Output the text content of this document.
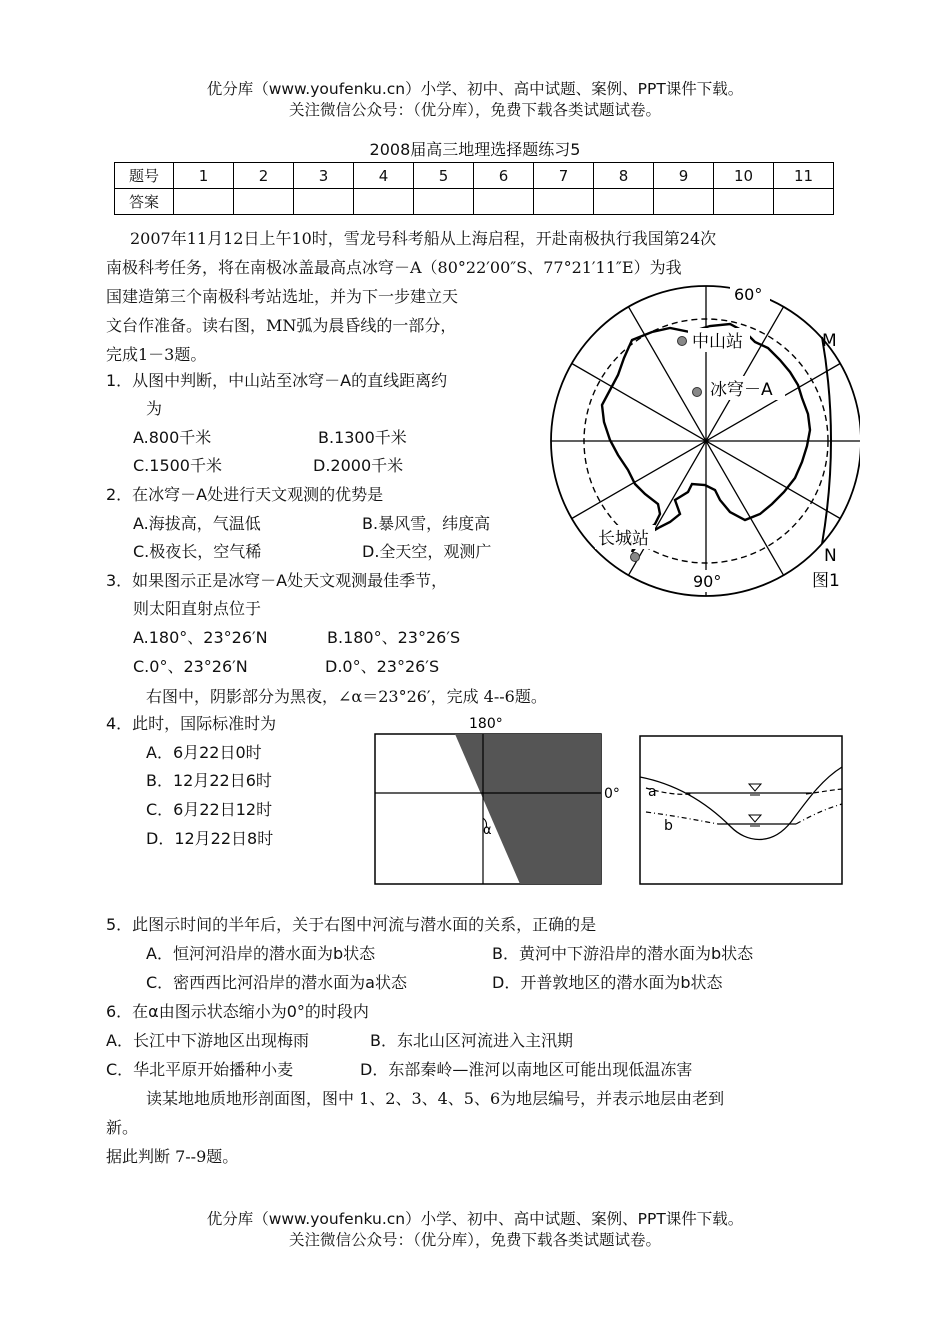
优分库（www.youfenku.cn）小学、初中、高中试题、案例、PPT课件下载。
关注微信公众号：（优分库），免费下载各类试题试卷。
2008届高三地理选择题练习5
题号	1	2	3	4	5	6	7	8	9	10	11
答案											
2007年11月12日上午10时，雪龙号科考船从上海启程，开赴南极执行我国第24次
南极科考任务，将在南极冰盖最高点冰穹－A（80°22′00″S、77°21′11″E）为我
国建造第三个南极科考站选址，并为下一步建立天
文台作准备。读右图，MN弧为晨昏线的一部分，
完成1－3题。
1．从图中判断，中山站至冰穹－A的直线距离约
为
A.800千米	B.1300千米
C.1500千米	D.2000千米
2．在冰穹－A处进行天文观测的优势是
A.海拔高，气温低	B.暴风雪，纬度高
C.极夜长，空气稀	D.全天空，观测广
3．如果图示正是冰穹－A处天文观测最佳季节，
则太阳直射点位于
A.180°、23°26′N	B.180°、23°26′S
C.0°、23°26′N	D.0°、23°26′S
中山站
冰穹－A
长城站
60°
90°
M
N
图1
右图中，阴影部分为黑夜，∠α＝23°26′，完成 4--6题。
4．此时，国际标准时为
A．6月22日0时
B．12月22日6时
C．6月22日12时
D．12月22日8时
180°
0°
α
a
b
5．此图示时间的半年后，关于右图中河流与潜水面的关系，正确的是
A．恒河河沿岸的潜水面为b状态	B．黄河中下游沿岸的潜水面为b状态
C．密西西比河沿岸的潜水面为a状态	D．开普敦地区的潜水面为b状态
6．在α由图示状态缩小为0°的时段内
A．长江中下游地区出现梅雨	B．东北山区河流进入主汛期
C．华北平原开始播种小麦	D．东部秦岭—淮河以南地区可能出现低温冻害
读某地地质地形剖面图，图中 1、2、3、4、5、6为地层编号，并表示地层由老到
新。
据此判断 7--9题。
优分库（www.youfenku.cn）小学、初中、高中试题、案例、PPT课件下载。
关注微信公众号：（优分库），免费下载各类试题试卷。
